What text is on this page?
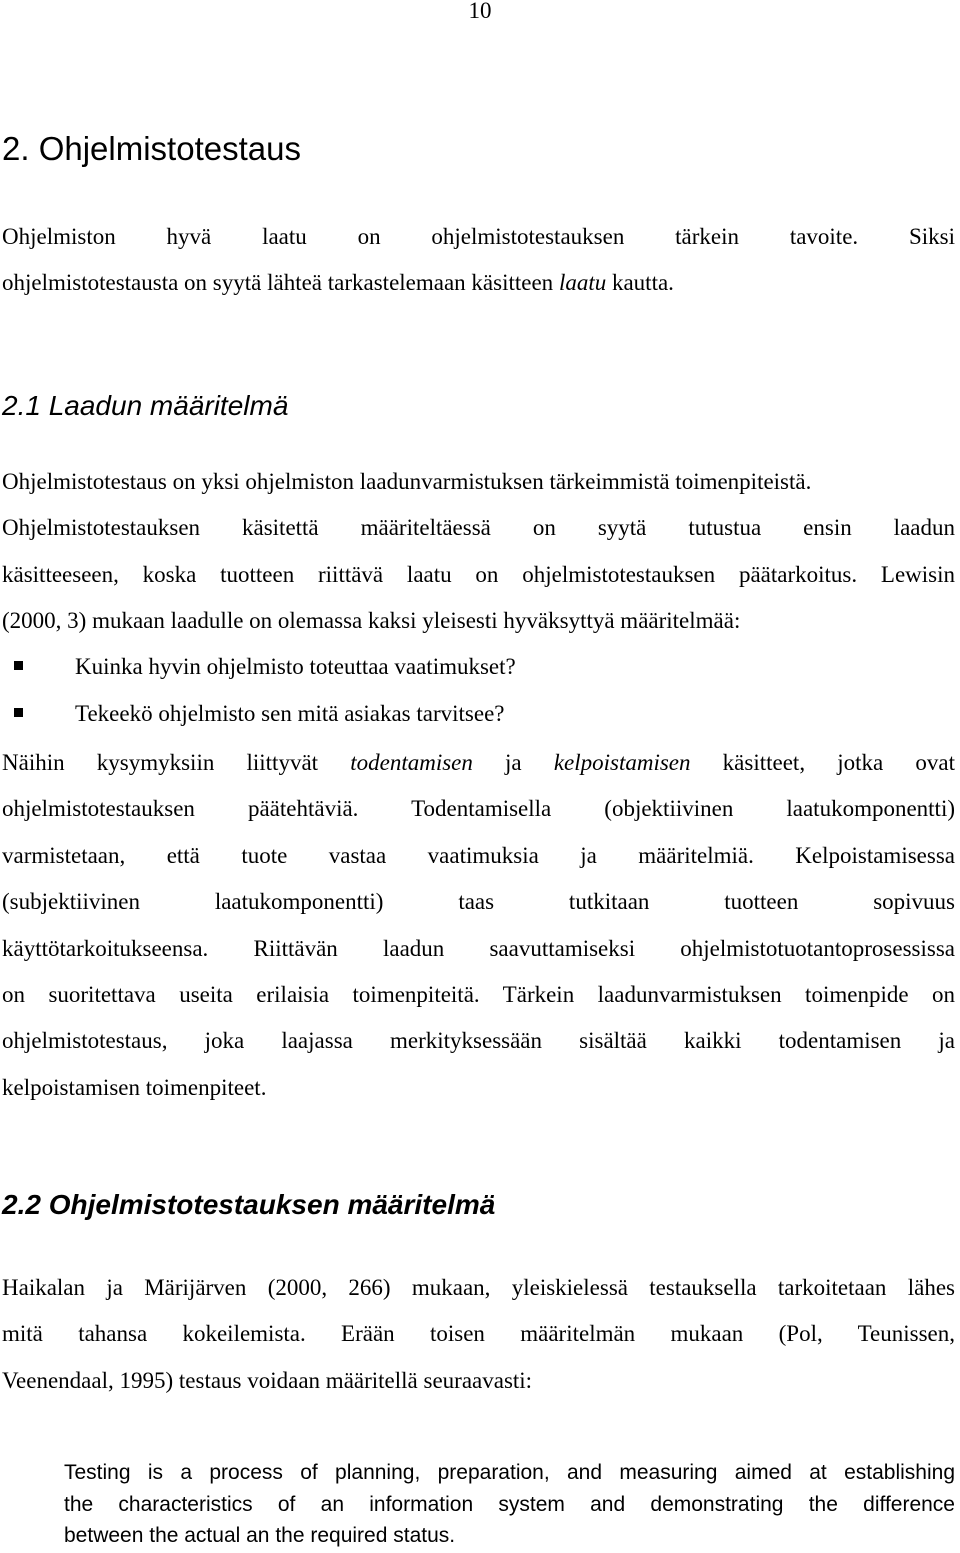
10
2. Ohjelmistotestaus
Ohjelmiston hyvä laatu on ohjelmistotestauksen tärkein tavoite. Siksi
ohjelmistotestausta on syytä lähteä tarkastelemaan käsitteen laatu kautta.
2.1 Laadun määritelmä
Ohjelmistotestaus on yksi ohjelmiston laadunvarmistuksen tärkeimmistä toimenpiteistä.
Ohjelmistotestauksen käsitettä määriteltäessä on syytä tutustua ensin laadun
käsitteeseen, koska tuotteen riittävä laatu on ohjelmistotestauksen päätarkoitus. Lewisin
(2000, 3) mukaan laadulle on olemassa kaksi yleisesti hyväksyttyä määritelmää:
Kuinka hyvin ohjelmisto toteuttaa vaatimukset?
Tekeekö ohjelmisto sen mitä asiakas tarvitsee?
Näihin kysymyksiin liittyvät todentamisen ja kelpoistamisen käsitteet, jotka ovat
ohjelmistotestauksen päätehtäviä. Todentamisella (objektiivinen laatukomponentti)
varmistetaan, että tuote vastaa vaatimuksia ja määritelmiä. Kelpoistamisessa
(subjektiivinen laatukomponentti) taas tutkitaan tuotteen sopivuus
käyttötarkoitukseensa. Riittävän laadun saavuttamiseksi ohjelmistotuotantoprosessissa
on suoritettava useita erilaisia toimenpiteitä. Tärkein laadunvarmistuksen toimenpide on
ohjelmistotestaus, joka laajassa merkityksessään sisältää kaikki todentamisen ja
kelpoistamisen toimenpiteet.
2.2 Ohjelmistotestauksen määritelmä
Haikalan ja Märijärven (2000, 266) mukaan, yleiskielessä testauksella tarkoitetaan lähes
mitä tahansa kokeilemista. Erään toisen määritelmän mukaan (Pol, Teunissen,
Veenendaal, 1995) testaus voidaan määritellä seuraavasti:
Testing is a process of planning, preparation, and measuring aimed at establishing
the characteristics of an information system and demonstrating the difference
between the actual an the required status.
